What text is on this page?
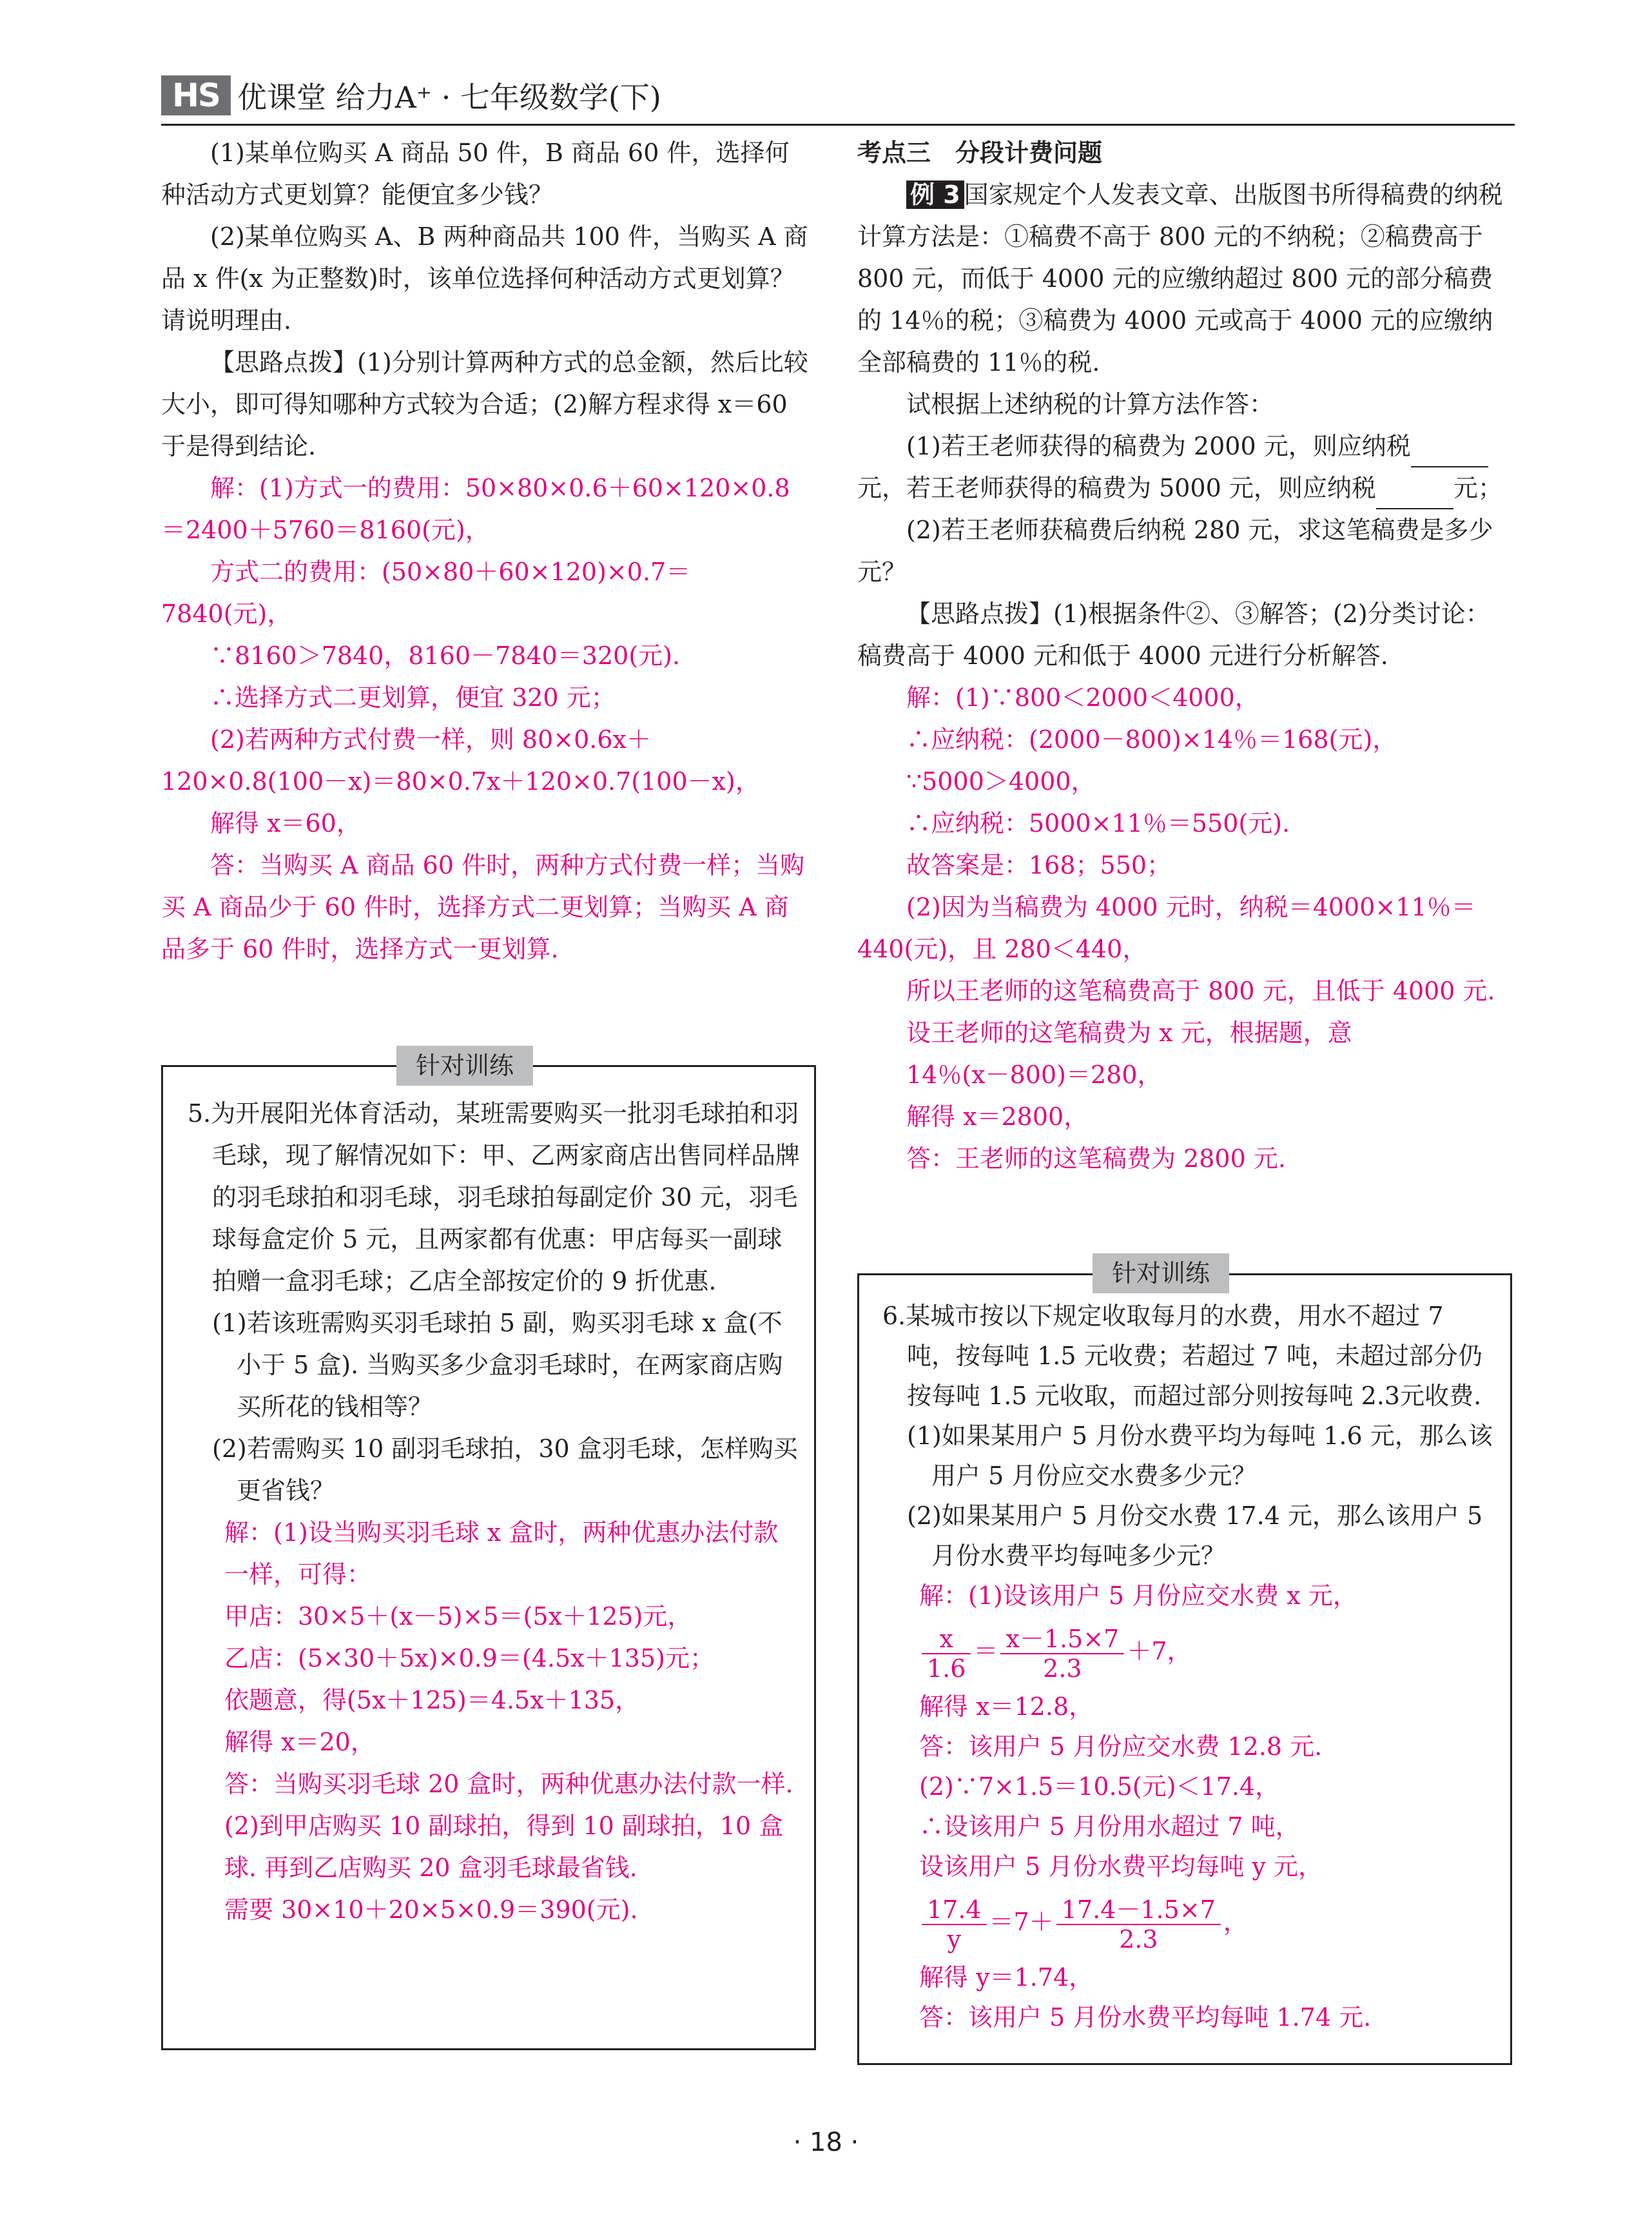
HS 优课堂 给力A⁺ · 七年级数学(下)

(1)某单位购买 A 商品 50 件，B 商品 60 件，选择何种活动方式更划算？能便宜多少钱？

(2)某单位购买 A、B 两种商品共 100 件，当购买 A 商品 x 件(x 为正整数)时，该单位选择何种活动方式更划算？请说明理由.

【思路点拨】(1)分别计算两种方式的总金额，然后比较大小，即可得知哪种方式较为合适；(2)解方程求得 x＝60 于是得到结论.

解：(1)方式一的费用：50×80×0.6＋60×120×0.8＝2400＋5760＝8160(元)，

方式二的费用：(50×80＋60×120)×0.7＝7840(元)，

∵8160＞7840，8160－7840＝320(元).

∴选择方式二更划算，便宜 320 元；

(2)若两种方式付费一样，则 80×0.6x＋120×0.8(100－x)＝80×0.7x＋120×0.7(100－x)，

解得 x＝60，

答：当购买 A 商品 60 件时，两种方式付费一样；当购买 A 商品少于 60 件时，选择方式二更划算；当购买 A 商品多于 60 件时，选择方式一更划算.

针对训练

5.为开展阳光体育活动，某班需要购买一批羽毛球拍和羽毛球，现了解情况如下：甲、乙两家商店出售同样品牌的羽毛球拍和羽毛球，羽毛球拍每副定价 30 元，羽毛球每盒定价 5 元，且两家都有优惠：甲店每买一副球拍赠一盒羽毛球；乙店全部按定价的 9 折优惠.

(1)若该班需购买羽毛球拍 5 副，购买羽毛球 x 盒(不小于 5 盒). 当购买多少盒羽毛球时，在两家商店购买所花的钱相等？

(2)若需购买 10 副羽毛球拍，30 盒羽毛球，怎样购买更省钱？

解：(1)设当购买羽毛球 x 盒时，两种优惠办法付款一样，可得：

甲店：30×5＋(x－5)×5＝(5x＋125)元，

乙店：(5×30＋5x)×0.9＝(4.5x＋135)元；

依题意，得(5x＋125)＝4.5x＋135，

解得 x＝20，

答：当购买羽毛球 20 盒时，两种优惠办法付款一样.

(2)到甲店购买 10 副球拍，得到 10 副球拍，10 盒球. 再到乙店购买 20 盒羽毛球最省钱.

需要 30×10＋20×5×0.9＝390(元).

考点三　分段计费问题

例 3 国家规定个人发表文章、出版图书所得稿费的纳税计算方法是：①稿费不高于 800 元的不纳税；②稿费高于 800 元，而低于 4000 元的应缴纳超过 800 元的部分稿费的 14％的税；③稿费为 4000 元或高于 4000 元的应缴纳全部稿费的 11％的税.

试根据上述纳税的计算方法作答：

(1)若王老师获得的稿费为 2000 元，则应纳税元，若王老师获得的稿费为 5000 元，则应纳税	元；

(2)若王老师获稿费后纳税 280 元，求这笔稿费是多少元？

【思路点拨】(1)根据条件②、③解答；(2)分类讨论：稿费高于 4000 元和低于 4000 元进行分析解答.

解：(1)∵800＜2000＜4000，

∴应纳税：(2000－800)×14％＝168(元)，

∵5000＞4000，

∴应纳税：5000×11％＝550(元).

故答案是：168；550；

(2)因为当稿费为 4000 元时，纳税＝4000×11％＝440(元)，且 280＜440，

所以王老师的这笔稿费高于 800 元，且低于 4000 元.

设王老师的这笔稿费为 x 元，根据题，意

14％(x－800)＝280，

解得 x＝2800，

答：王老师的这笔稿费为 2800 元.

针对训练

6.某城市按以下规定收取每月的水费，用水不超过 7 吨，按每吨 1.5 元收费；若超过 7 吨，未超过部分仍按每吨 1.5 元收取，而超过部分则按每吨 2.3元收费.

(1)如果某用户 5 月份水费平均为每吨 1.6 元，那么该用户 5 月份应交水费多少元？

(2)如果某用户 5 月份交水费 17.4 元，那么该用户 5 月份水费平均每吨多少元？

解：(1)设该用户 5 月份应交水费 x 元，

$\frac{x}{1.6} = \frac{x-1.5\times 7}{2.3} +7$，

解得 x＝12.8，

答：该用户 5 月份应交水费 12.8 元.

(2)∵7×1.5＝10.5(元)＜17.4，

∴设该用户 5 月份用水超过 7 吨，

设该用户 5 月份水费平均每吨 y 元，

$\frac{17.4}{y} =7+ \frac{17.4-1.5\times 7}{2.3}$ ，

解得 y＝1.74，

答：该用户 5 月份水费平均每吨 1.74 元.

· 18 ·
